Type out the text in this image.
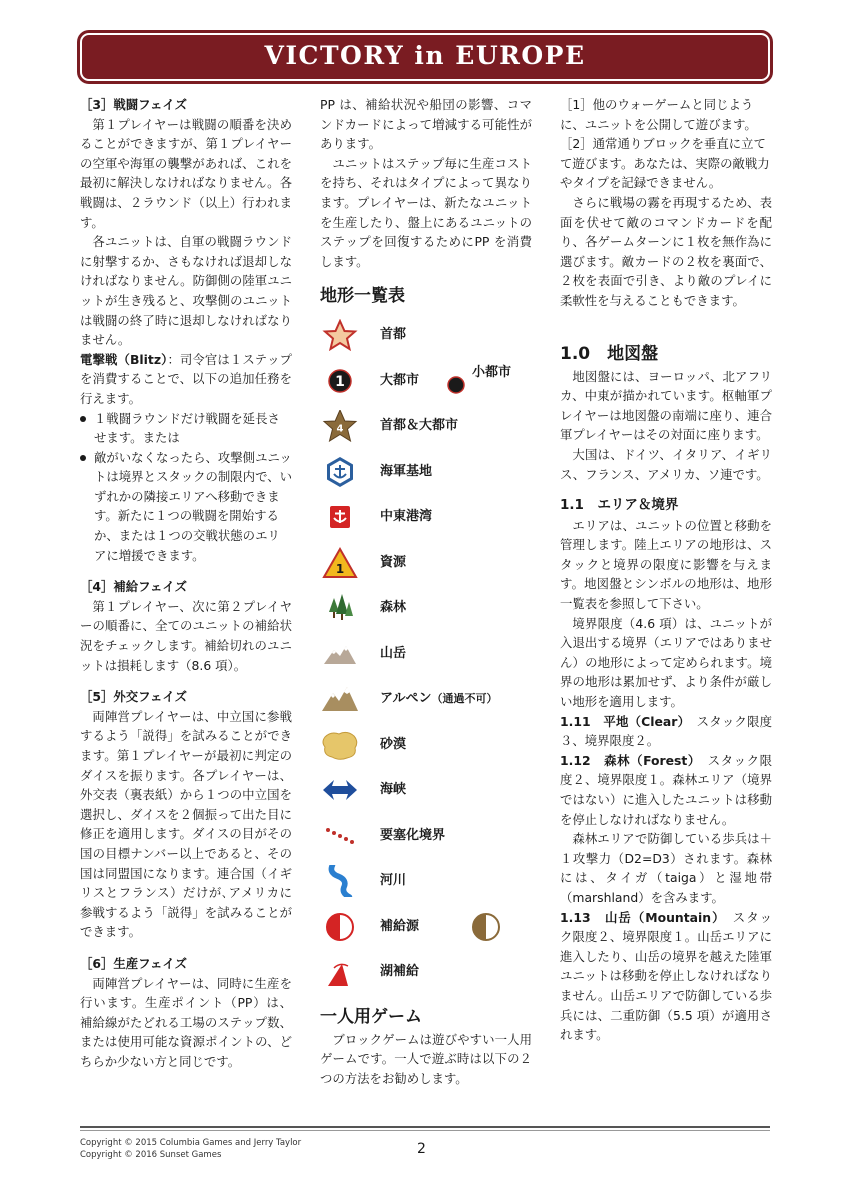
VICTORY in EUROPE

［3］戦闘フェイズ

第１プレイヤーは戦闘の順番を決めることができますが、第１プレイヤーの空軍や海軍の襲撃があれば、これを最初に解決しなければなりません。各戦闘は、２ラウンド（以上）行われます。

各ユニットは、自軍の戦闘ラウンドに射撃するか、さもなければ退却しなければなりません。防御側の陸軍ユニットが生き残ると、攻撃側のユニットは戦闘の終了時に退却しなければなりません。

電撃戦（Blitz）：司令官は１ステップを消費することで、以下の追加任務を行えます。

１戦闘ラウンドだけ戦闘を延長させます。または

敵がいなくなったら、攻撃側ユニットは境界とスタックの制限内で、いずれかの隣接エリアへ移動できます。新たに１つの戦闘を開始するか、または１つの交戦状態のエリアに増援できます。

［4］補給フェイズ

第１プレイヤー、次に第２プレイヤーの順番に、全てのユニットの補給状況をチェックします。補給切れのユニットは損耗します（8.6 項）。

［5］外交フェイズ

両陣営プレイヤーは、中立国に参戦するよう「説得」を試みることができます。第１プレイヤーが最初に判定のダイスを振ります。各プレイヤーは、外交表（裏表紙）から１つの中立国を選択し、ダイスを２個振って出た目に修正を適用します。ダイスの目がその国の目標ナンバー以上であると、その国は同盟国になります。連合国（イギリスとフランス）だけが､アメリカに参戦するよう「説得」を試みることができます。

［6］生産フェイズ

両陣営プレイヤーは、同時に生産を行います。生産ポイント（PP）は、補給線がたどれる工場のステップ数、または使用可能な資源ポイントの、どちらか少ない方と同じです。

PP は、補給状況や船団の影響、コマンドカードによって増減する可能性があります。

ユニットはステップ毎に生産コストを持ち、それはタイプによって異なります。プレイヤーは、新たなユニットを生産したり、盤上にあるユニットのステップを回復するためにPP を消費します。

地形一覧表

首都
1	大都市
小都市
4	首都＆大都市
海軍基地
中東港湾
1	資源
森林
山岳
アルペン（通過不可）
砂漠
海峡
要塞化境界
河川
補給源
湖補給

一人用ゲーム

ブロックゲームは遊びやすい一人用ゲームです。一人で遊ぶ時は以下の２つの方法をお勧めします。

［1］他のウォーゲームと同じように、ユニットを公開して遊びます。

［2］通常通りブロックを垂直に立てて遊びます。あなたは、実際の敵戦力やタイプを記録できません。

さらに戦場の霧を再現するため、表面を伏せて敵のコマンドカードを配り、各ゲームターンに１枚を無作為に選びます。敵カードの２枚を裏面で、２枚を表面で引き、より敵のプレイに柔軟性を与えることもできます。

1.0　地図盤

地図盤には、ヨーロッパ、北アフリカ、中東が描かれています。枢軸軍プレイヤーは地図盤の南端に座り、連合軍プレイヤーはその対面に座ります。

大国は、ドイツ、イタリア、イギリス、フランス、アメリカ、ソ連です。

1.1　エリア＆境界

エリアは、ユニットの位置と移動を管理します。陸上エリアの地形は、スタックと境界の限度に影響を与えます。地図盤とシンボルの地形は、地形一覧表を参照して下さい。

境界限度（4.6 項）は、ユニットが入退出する境界（エリアではありません）の地形によって定められます。境界の地形は累加せず、より条件が厳しい地形を適用します。

1.11　平地（Clear）　 スタック限度３、境界限度２。

1.12　森林（Forest）　 スタック限度２、境界限度１。森林エリア（境界ではない）に進入したユニットは移動を停止しなければなりません。

森林エリアで防御している歩兵は＋１攻撃力（D2=D3）されます。森林には、タイガ（taiga）と湿地帯（marshland）を含みます。

1.13　山岳（Mountain）　 スタック限度２、境界限度１。山岳エリアに進入したり、山岳の境界を越えた陸軍ユニットは移動を停止しなければなりません。山岳エリアで防御している歩兵には、二重防御（5.5 項）が適用されます。

Copyright © 2015 Columbia Games and Jerry Taylor
Copyright © 2016 Sunset Games	2
